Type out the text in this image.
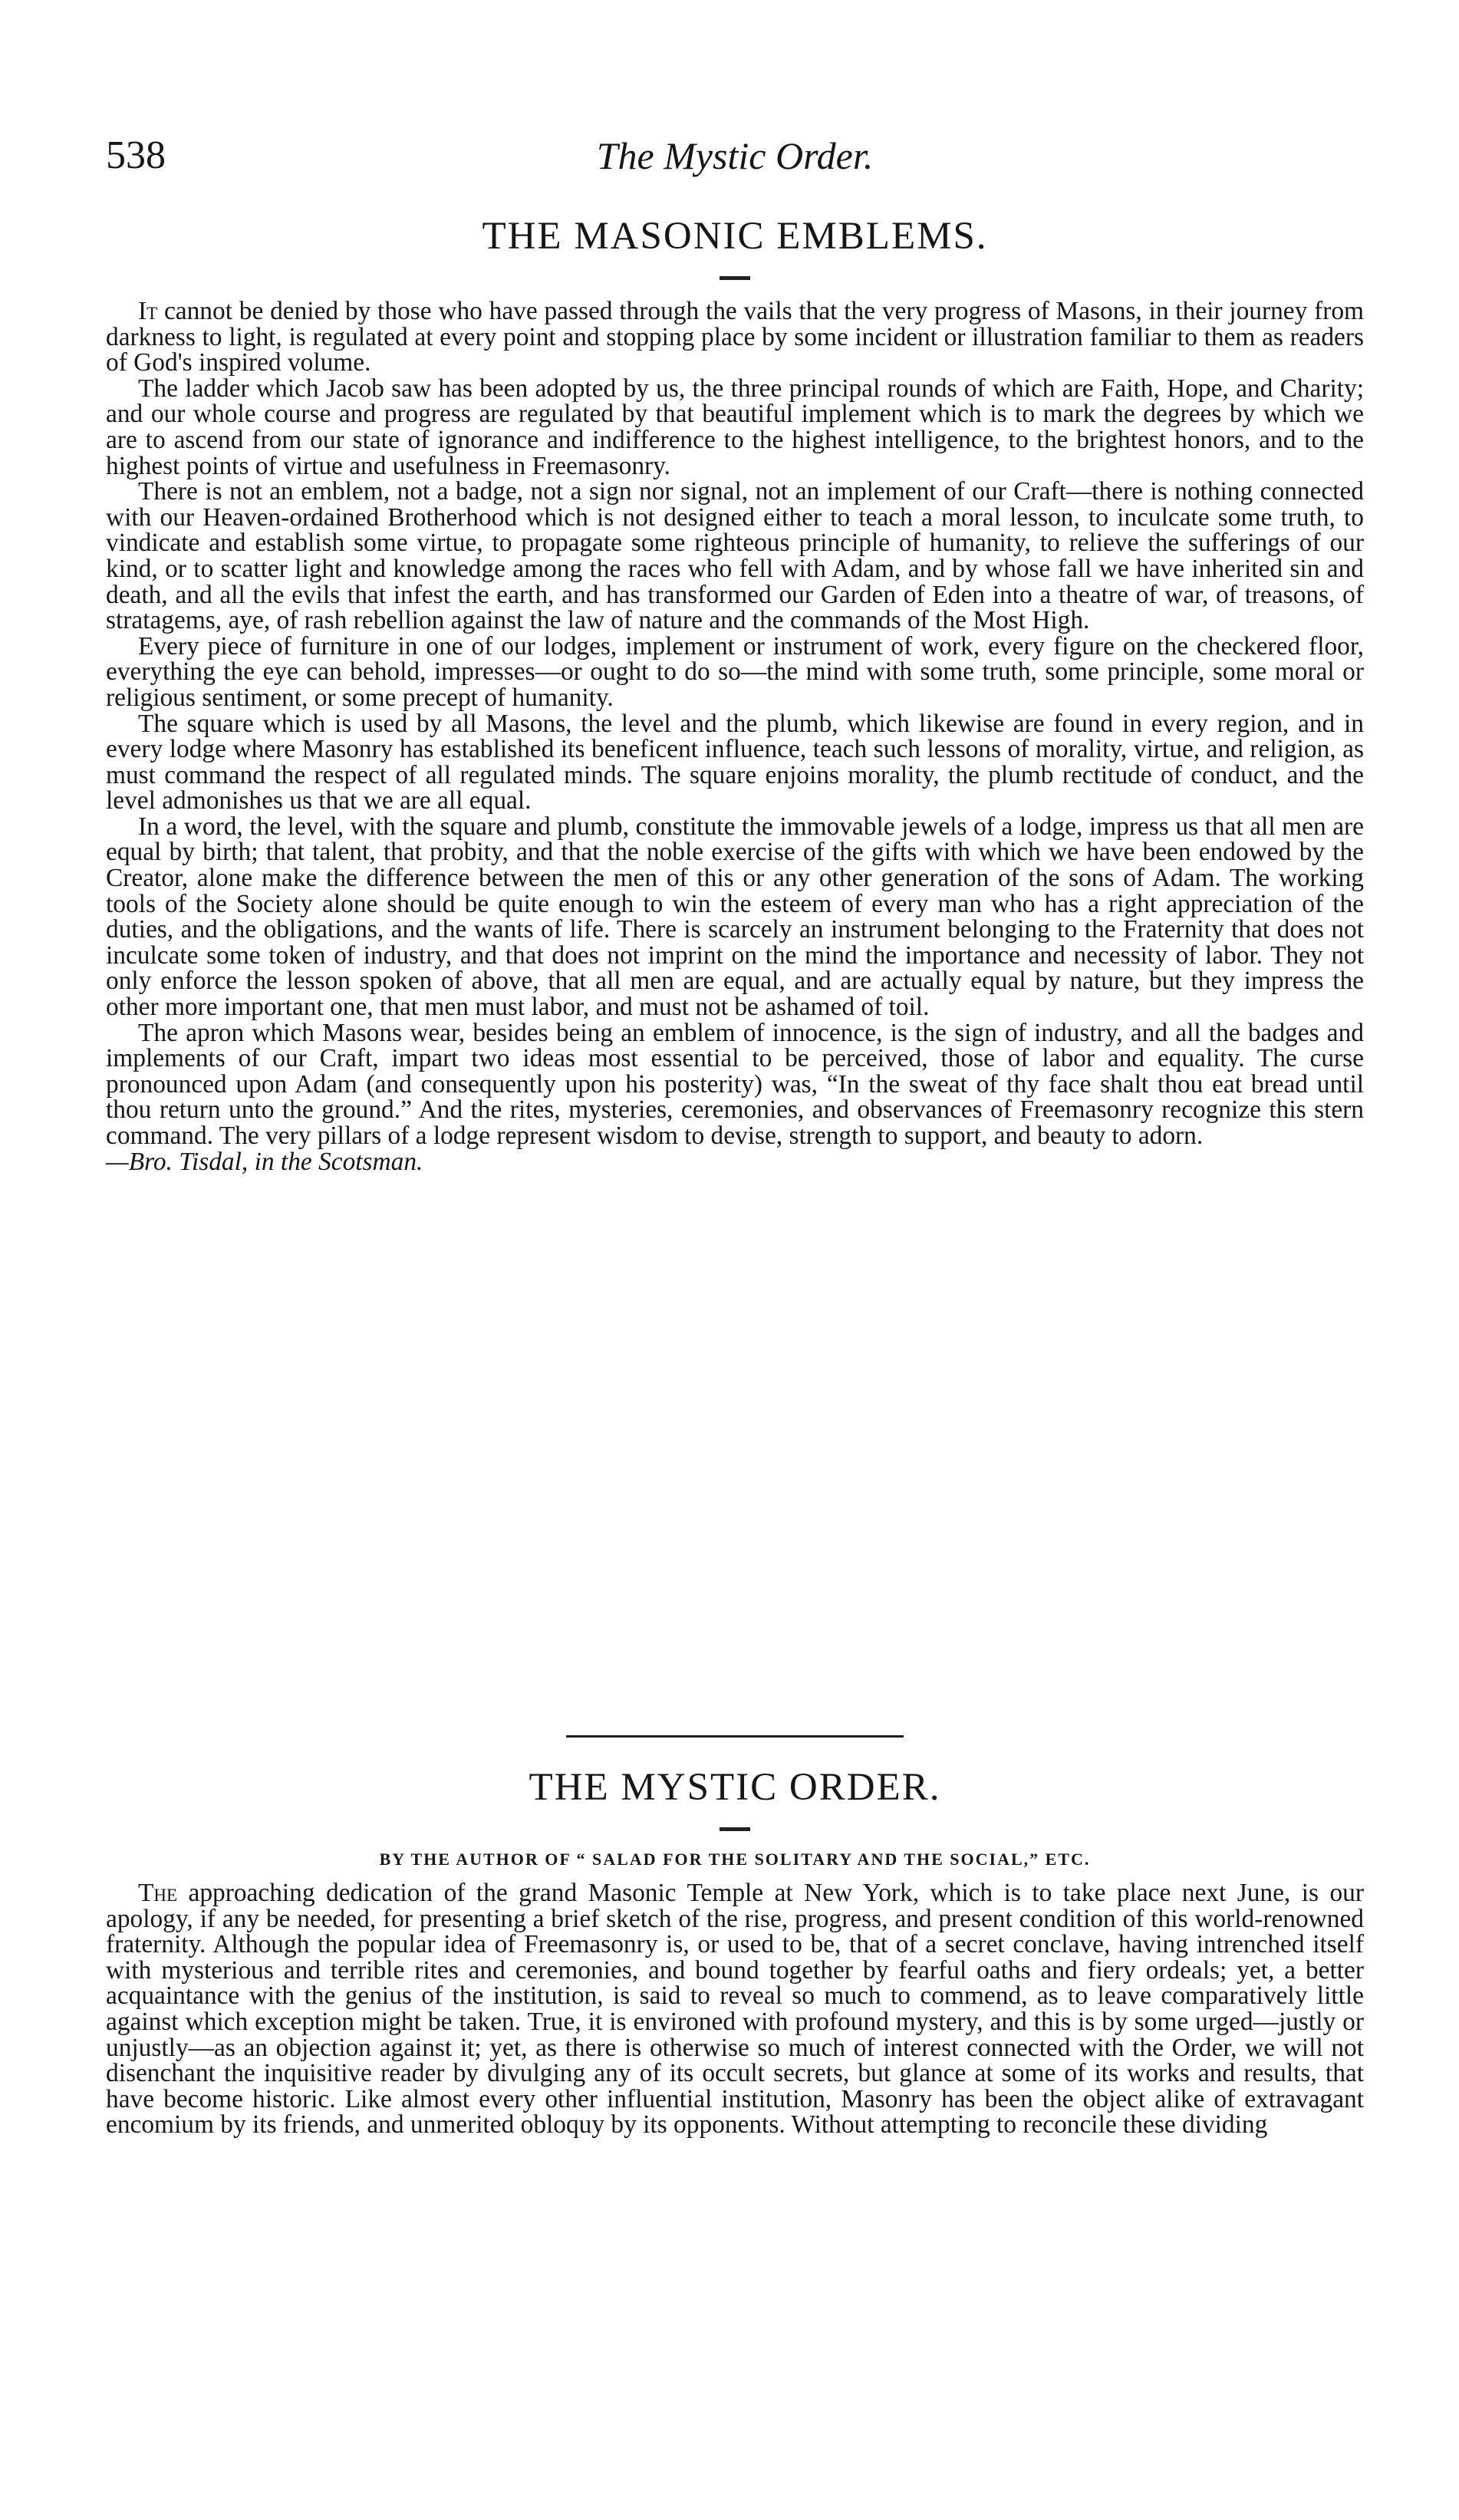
538	The Mystic Order.
THE MASONIC EMBLEMS.

It cannot be denied by those who have passed through the vails that the very progress of Masons, in their journey from darkness to light, is regulated at every point and stopping place by some incident or illustration familiar to them as readers of God's inspired volume.

The ladder which Jacob saw has been adopted by us, the three principal rounds of which are Faith, Hope, and Charity; and our whole course and progress are regulated by that beautiful implement which is to mark the degrees by which we are to ascend from our state of ignorance and indifference to the highest intelligence, to the brightest honors, and to the highest points of virtue and usefulness in Freemasonry.

There is not an emblem, not a badge, not a sign nor signal, not an implement of our Craft—there is nothing connected with our Heaven-ordained Brotherhood which is not designed either to teach a moral lesson, to inculcate some truth, to vindicate and establish some virtue, to propagate some righteous principle of humanity, to relieve the sufferings of our kind, or to scatter light and knowledge among the races who fell with Adam, and by whose fall we have inherited sin and death, and all the evils that infest the earth, and has transformed our Garden of Eden into a theatre of war, of treasons, of stratagems, aye, of rash rebellion against the law of nature and the commands of the Most High.

Every piece of furniture in one of our lodges, implement or instrument of work, every figure on the checkered floor, everything the eye can behold, impresses—or ought to do so—the mind with some truth, some principle, some moral or religious sentiment, or some precept of humanity.

The square which is used by all Masons, the level and the plumb, which likewise are found in every region, and in every lodge where Masonry has established its beneficent influence, teach such lessons of morality, virtue, and religion, as must command the respect of all regulated minds. The square enjoins morality, the plumb rectitude of conduct, and the level admonishes us that we are all equal.

In a word, the level, with the square and plumb, constitute the immovable jewels of a lodge, impress us that all men are equal by birth; that talent, that probity, and that the noble exercise of the gifts with which we have been endowed by the Creator, alone make the difference between the men of this or any other generation of the sons of Adam. The working tools of the Society alone should be quite enough to win the esteem of every man who has a right appreciation of the duties, and the obligations, and the wants of life. There is scarcely an instrument belonging to the Fraternity that does not inculcate some token of industry, and that does not imprint on the mind the importance and necessity of labor. They not only enforce the lesson spoken of above, that all men are equal, and are actually equal by nature, but they impress the other more important one, that men must labor, and must not be ashamed of toil.

The apron which Masons wear, besides being an emblem of innocence, is the sign of industry, and all the badges and implements of our Craft, impart two ideas most essential to be perceived, those of labor and equality. The curse pronounced upon Adam (and consequently upon his posterity) was, “In the sweat of thy face shalt thou eat bread until thou return unto the ground.” And the rites, mysteries, ceremonies, and observances of Freemasonry recognize this stern command. The very pillars of a lodge represent wisdom to devise, strength to support, and beauty to adorn.

—Bro. Tisdal, in the Scotsman.

THE MYSTIC ORDER.

BY THE AUTHOR OF “ SALAD FOR THE SOLITARY AND THE SOCIAL,” ETC.

The approaching dedication of the grand Masonic Temple at New York, which is to take place next June, is our apology, if any be needed, for presenting a brief sketch of the rise, progress, and present condition of this world-renowned fraternity. Although the popular idea of Freemasonry is, or used to be, that of a secret conclave, having intrenched itself with mysterious and terrible rites and ceremonies, and bound together by fearful oaths and fiery ordeals; yet, a better acquaintance with the genius of the institution, is said to reveal so much to commend, as to leave comparatively little against which exception might be taken. True, it is environed with profound mystery, and this is by some urged—justly or unjustly—as an objection against it; yet, as there is otherwise so much of interest connected with the Order, we will not disenchant the inquisitive reader by divulging any of its occult secrets, but glance at some of its works and results, that have become historic. Like almost every other influential institution, Masonry has been the object alike of extravagant encomium by its friends, and unmerited obloquy by its opponents. Without attempting to reconcile these dividing
